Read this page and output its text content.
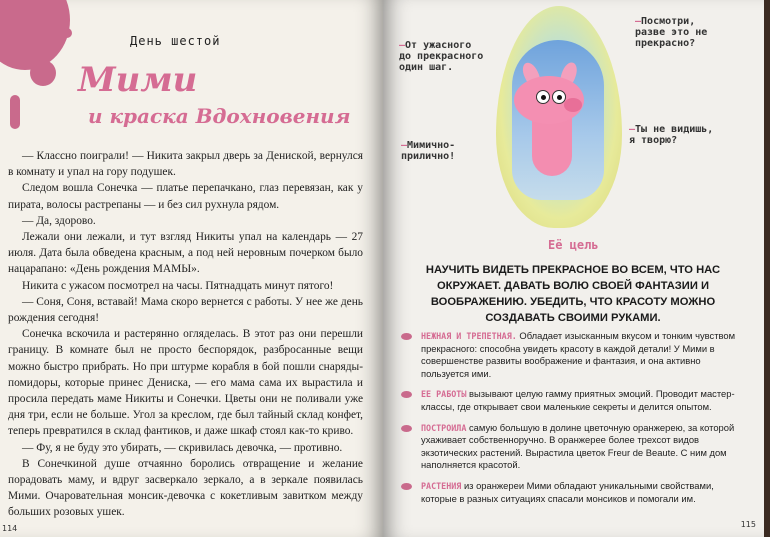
День шестой
Мими
и краска Вдохновения

— Классно поиграли! — Никита закрыл дверь за Денискoй, вернулся в комнату и упал на гору подушек.

Следом вошла Сонечка — платье перепачкано, глаз перевязан, как у пирата, волосы растрепаны — и без сил рухнула рядом.

— Да, здорово.

Лежали они лежали, и тут взгляд Никиты упал на календарь — 27 июля. Дата была обведена красным, а под ней неровным почерком было нацарапано: «День рождения МАМЫ».

Никита с ужасом посмотрел на часы. Пятнадцать минут пятого!

— Соня, Соня, вставай! Мама скоро вернется с работы. У нее же день рождения сегодня!

Сонечка вскочила и растерянно огляделась. В этот раз они перешли границу. В комнате был не просто беспорядок, разбросанные вещи можно быстро прибрать. Но при штурме корабля в бой пошли снаряды-помидоры, которые принес Дениска, — его мама сама их вырастила и просила передать маме Никиты и Сонечки. Цветы они не поливали уже дня три, если не больше. Угол за креслом, где был тайный склад конфет, теперь превратился в склад фантиков, и даже шкаф стоял как-то криво.

— Фу, я не буду это убирать, — скривилась девочка, — противно.

В Сонечкиной душе отчаянно боролись отвращение и желание порадовать маму, и вдруг засверкало зеркало, а в зеркале появилась Мими. Очаровательная монсик-девочка с кокетливым завитком между больших розовых ушек.

114
—От ужасного до прекрасного один шаг.
—Посмотри, разве это не прекрасно?
—Мимичнo-прилично!
—Ты не видишь, я творю?
Её цель
НАУЧИТЬ ВИДЕТЬ ПРЕКРАСНОЕ ВО ВСЕМ, ЧТО НАС ОКРУЖАЕТ. ДАВАТЬ ВОЛЮ СВОЕЙ ФАНТАЗИИ И ВООБРАЖЕНИЮ. УБЕДИТЬ, ЧТО КРАСОТУ МОЖНО СОЗДАВАТЬ СВОИМИ РУКАМИ.
НЕЖНАЯ И ТРЕПЕТНАЯ. Обладает изысканным вкусом и тонким чувством прекрасного: способна увидеть красоту в каждой детали! У Мими в совершенстве развиты воображение и фантазия, и она активно пользуется ими.
ЕЕ РАБОТЫ вызывают целую гамму приятных эмоций. Проводит мастер-классы, где открывает свои маленькие секреты и делится опытом.
ПОСТРОИЛА самую большую в долине цветочную оранжерею, за которой ухаживает собственноручно. В оранжерее более трехсот видов экзотических растений. Вырастила цветок Freur de Beaute. С ним дом наполняется красотой.
РАСТЕНИЯ из оранжереи Мими обладают уникальными свойствами, которые в разных ситуациях спасали монсиков и помогали им.
115
